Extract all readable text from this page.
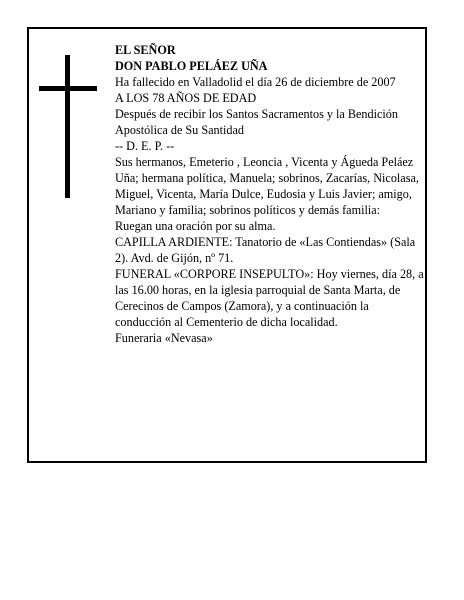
EL SEÑOR

DON PABLO PELÁEZ UÑA

Ha fallecido en Valladolid el día 26 de diciembre de 2007

A LOS 78 AÑOS DE EDAD

Después de recibir los Santos Sacramentos y la Bendición Apostólica de Su Santidad

-- D. E. P. --

Sus hermanos, Emeterio , Leoncia , Vicenta y Águeda Peláez Uña; hermana política, Manuela; sobrinos, Zacarías, Nicolasa, Miguel, Vicenta, María Dulce, Eudosia y Luis Javier; amigo, Mariano y familia; sobrinos políticos y demás familia:

Ruegan una oración por su alma.

CAPILLA ARDIENTE: Tanatorio de «Las Contiendas» (Sala 2). Avd. de Gijón, nº 71.

FUNERAL «CORPORE INSEPULTO»: Hoy viernes, día 28, a las 16.00 horas, en la iglesia parroquial de Santa Marta, de Cerecinos de Campos (Zamora), y a continuación la conducción al Cementerio de dicha localidad.

Funeraria «Nevasa»
